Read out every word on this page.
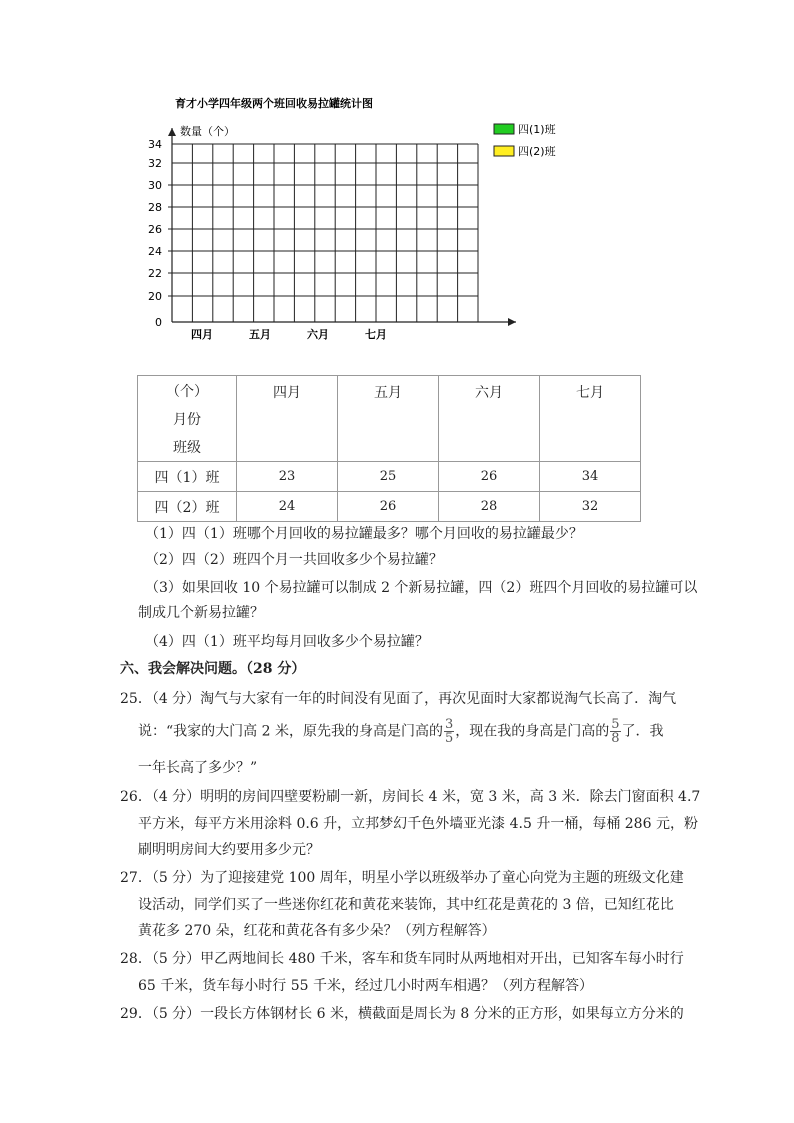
育才小学四年级两个班回收易拉罐统计图
数量（个）
34
32
30
28
26
24
22
20
0
四月	五月	六月	七月
四(1)班
四(2)班
（个）
月份
班级	四月	五月	六月	七月
四（1）班	23	25	26	34
四（2）班	24	26	28	32
（1）四（1）班哪个月回收的易拉罐最多？哪个月回收的易拉罐最少？
（2）四（2）班四个月一共回收多少个易拉罐？
（3）如果回收 10 个易拉罐可以制成 2 个新易拉罐，四（2）班四个月回收的易拉罐可以
制成几个新易拉罐？
（4）四（1）班平均每月回收多少个易拉罐？
六、我会解决问题。（28 分）
25．（4 分）淘气与大家有一年的时间没有见面了，再次见面时大家都说淘气长高了．淘气
说：“我家的大门高 2 米，原先我的身高是门高的 $\frac{3}{5}$ ，现在我的身高是门高的 $\frac{5}{8}$ 了．我
一年长高了多少？”
26．（4 分）明明的房间四壁要粉刷一新，房间长 4 米，宽 3 米，高 3 米．除去门窗面积 4.7
平方米，每平方米用涂料 0.6 升，立邦梦幻千色外墙亚光漆 4.5 升一桶，每桶 286 元，粉
刷明明房间大约要用多少元？
27．（5 分）为了迎接建党 100 周年，明星小学以班级举办了童心向党为主题的班级文化建
设活动，同学们买了一些迷你红花和黄花来装饰，其中红花是黄花的 3 倍，已知红花比
黄花多 270 朵，红花和黄花各有多少朵？（列方程解答）
28．（5 分）甲乙两地间长 480 千米，客车和货车同时从两地相对开出，已知客车每小时行
65 千米，货车每小时行 55 千米，经过几小时两车相遇？（列方程解答）
29．（5 分）一段长方体钢材长 6 米，横截面是周长为 8 分米的正方形，如果每立方分米的
